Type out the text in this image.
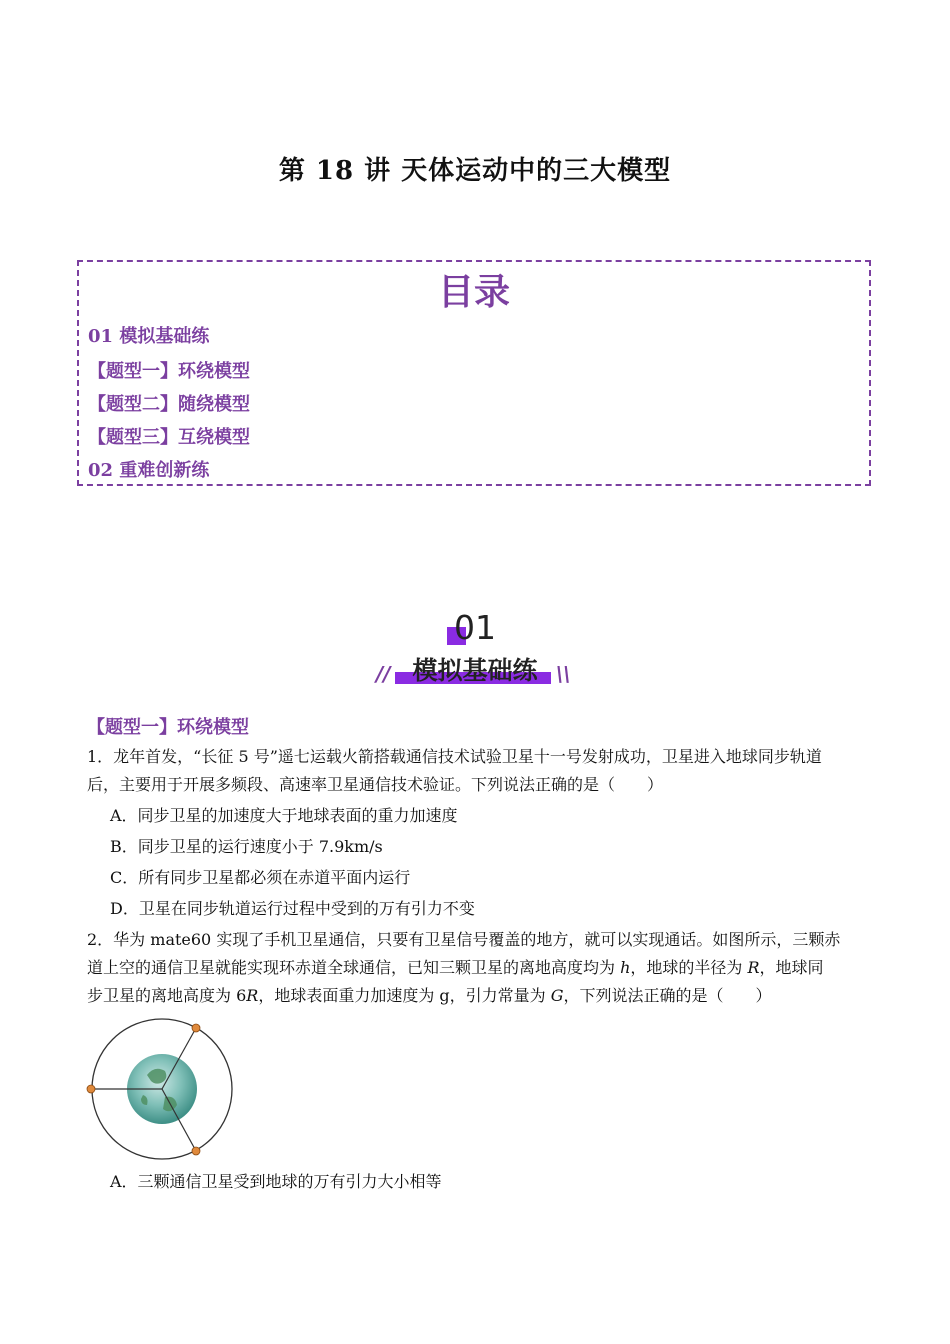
第 18 讲 天体运动中的三大模型
目录
01 模拟基础练
【题型一】环绕模型
【题型二】随绕模型
【题型三】互绕模型
02 重难创新练
01
// 模拟基础练 \\
【题型一】环绕模型
1．龙年首发，“长征 5 号”遥七运载火箭搭载通信技术试验卫星十一号发射成功，卫星进入地球同步轨道
后，主要用于开展多频段、高速率卫星通信技术验证。下列说法正确的是（　　）
A．同步卫星的加速度大于地球表面的重力加速度
B．同步卫星的运行速度小于 7.9km/s
C．所有同步卫星都必须在赤道平面内运行
D．卫星在同步轨道运行过程中受到的万有引力不变
2．华为 mate60 实现了手机卫星通信，只要有卫星信号覆盖的地方，就可以实现通话。如图所示，三颗赤
道上空的通信卫星就能实现环赤道全球通信，已知三颗卫星的离地高度均为 h，地球的半径为 R，地球同
步卫星的离地高度为 6R，地球表面重力加速度为 g，引力常量为 G，下列说法正确的是（　　）
A．三颗通信卫星受到地球的万有引力大小相等
